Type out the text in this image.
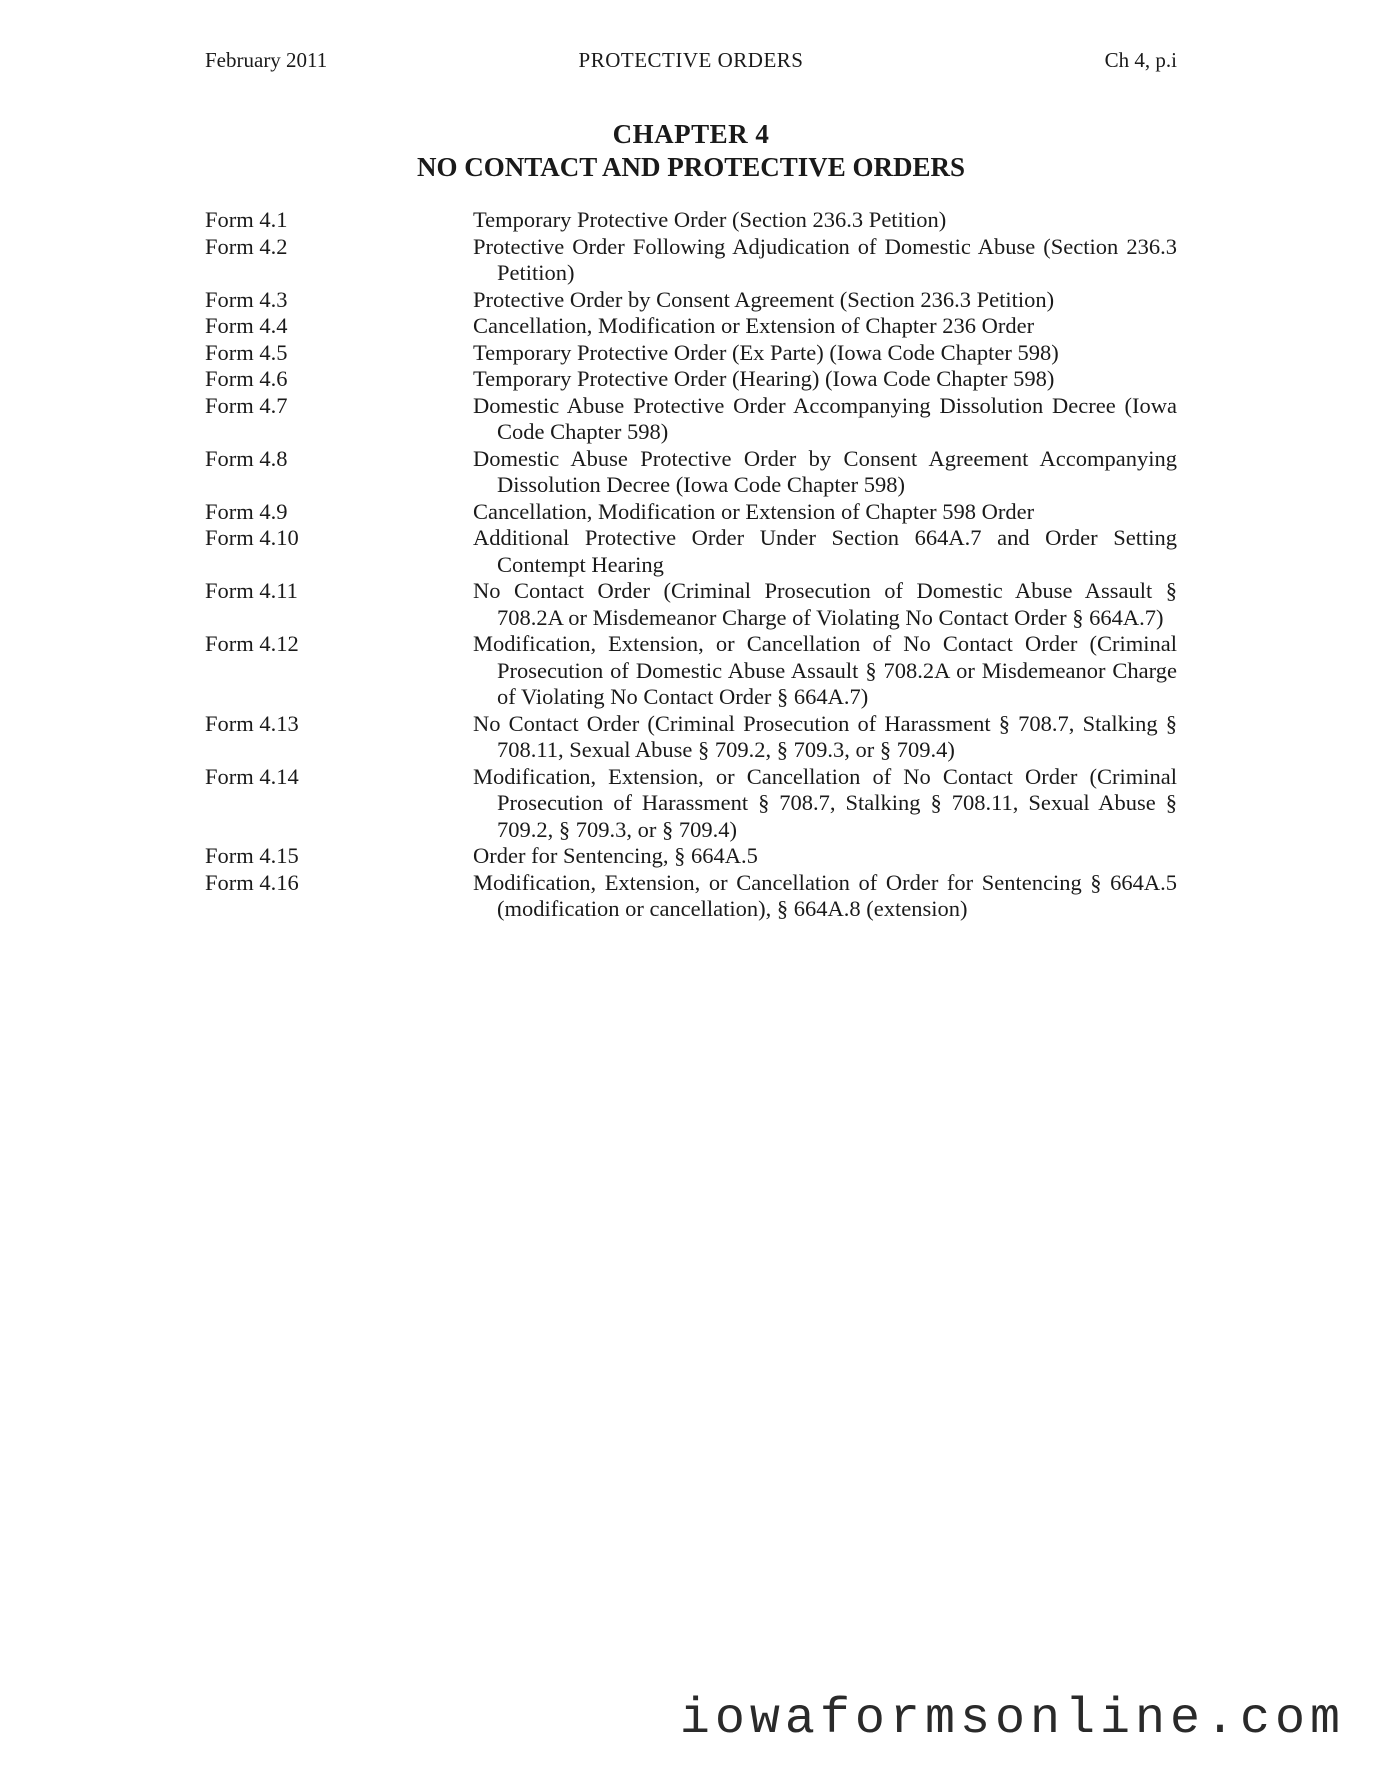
February 2011	PROTECTIVE ORDERS	Ch 4, p.i
CHAPTER 4
NO CONTACT AND PROTECTIVE ORDERS
Form 4.1	Temporary Protective Order (Section 236.3 Petition)
Form 4.2	Protective Order Following Adjudication of Domestic Abuse (Section 236.3 Petition)
Form 4.3	Protective Order by Consent Agreement (Section 236.3 Petition)
Form 4.4	Cancellation, Modification or Extension of Chapter 236 Order
Form 4.5	Temporary Protective Order (Ex Parte) (Iowa Code Chapter 598)
Form 4.6	Temporary Protective Order (Hearing) (Iowa Code Chapter 598)
Form 4.7	Domestic Abuse Protective Order Accompanying Dissolution Decree (Iowa Code Chapter 598)
Form 4.8	Domestic Abuse Protective Order by Consent Agreement Accompanying Dissolution Decree (Iowa Code Chapter 598)
Form 4.9	Cancellation, Modification or Extension of Chapter 598 Order
Form 4.10	Additional Protective Order Under Section 664A.7 and Order Setting Contempt Hearing
Form 4.11	No Contact Order (Criminal Prosecution of Domestic Abuse Assault § 708.2A or Misdemeanor Charge of Violating No Contact Order § 664A.7)
Form 4.12	Modification, Extension, or Cancellation of No Contact Order (Criminal Prosecution of Domestic Abuse Assault § 708.2A or Misdemeanor Charge of Violating No Contact Order § 664A.7)
Form 4.13	No Contact Order (Criminal Prosecution of Harassment § 708.7, Stalking § 708.11, Sexual Abuse § 709.2, § 709.3, or § 709.4)
Form 4.14	Modification, Extension, or Cancellation of No Contact Order (Criminal Prosecution of Harassment § 708.7, Stalking § 708.11, Sexual Abuse § 709.2, § 709.3, or § 709.4)
Form 4.15	Order for Sentencing, § 664A.5
Form 4.16	Modification, Extension, or Cancellation of Order for Sentencing § 664A.5 (modification or cancellation), § 664A.8 (extension)
iowaformsonline.com
